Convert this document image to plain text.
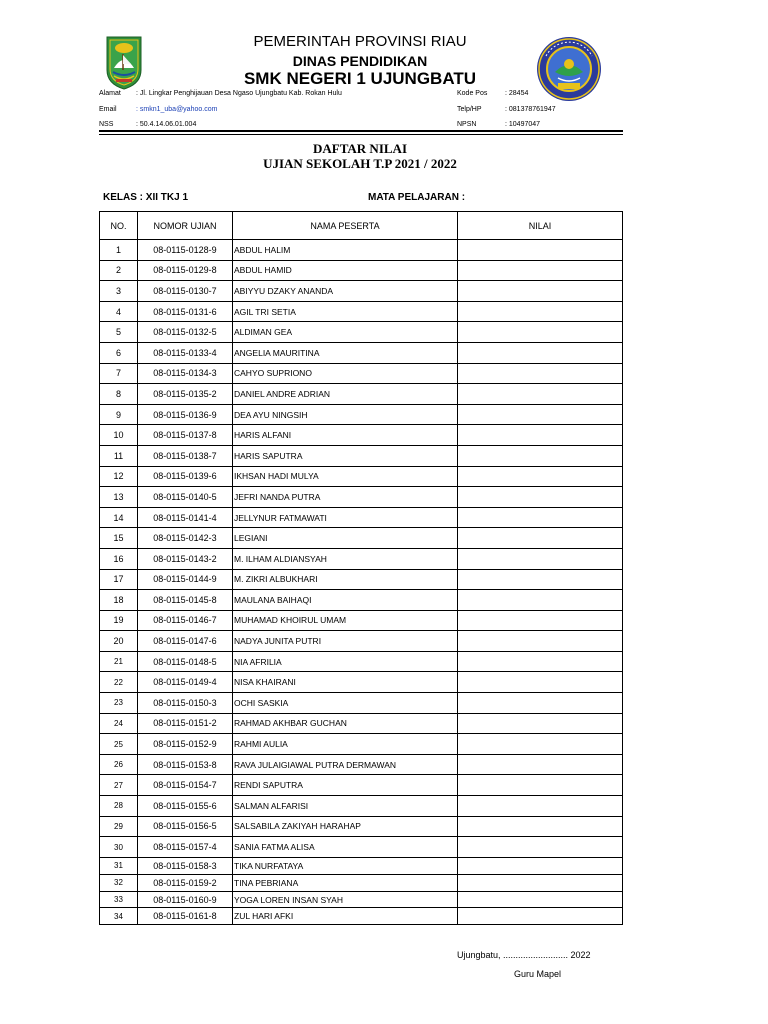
PEMERINTAH PROVINSI RIAU
DINAS PENDIDIKAN
SMK NEGERI 1 UJUNGBATU
Alamat : Jl. Lingkar Penghijauan Desa Ngaso Ujungbatu Kab. Rokan Hulu
Email	: smkn1_uba@yahoo.com
NSS	: 50.4.14.06.01.004
Kode Pos	: 28454
Telp/HP	: 081378761947
NPSN	: 10497047
DAFTAR NILAI
UJIAN SEKOLAH T.P 2021 / 2022
KELAS : XII TKJ 1	MATA PELAJARAN :
NO.	NOMOR UJIAN	NAMA PESERTA	NILAI
1	08-0115-0128-9	ABDUL HALIM	
2	08-0115-0129-8	ABDUL HAMID	
3	08-0115-0130-7	ABIYYU DZAKY ANANDA	
4	08-0115-0131-6	AGIL TRI SETIA	
5	08-0115-0132-5	ALDIMAN GEA	
6	08-0115-0133-4	ANGELIA MAURITINA	
7	08-0115-0134-3	CAHYO SUPRIONO	
8	08-0115-0135-2	DANIEL ANDRE ADRIAN	
9	08-0115-0136-9	DEA AYU NINGSIH	
10	08-0115-0137-8	HARIS ALFANI	
11	08-0115-0138-7	HARIS SAPUTRA	
12	08-0115-0139-6	IKHSAN HADI MULYA	
13	08-0115-0140-5	JEFRI NANDA PUTRA	
14	08-0115-0141-4	JELLYNUR FATMAWATI	
15	08-0115-0142-3	LEGIANI	
16	08-0115-0143-2	M. ILHAM ALDIANSYAH	
17	08-0115-0144-9	M. ZIKRI ALBUKHARI	
18	08-0115-0145-8	MAULANA BAIHAQI	
19	08-0115-0146-7	MUHAMAD KHOIRUL UMAM	
20	08-0115-0147-6	NADYA JUNITA PUTRI	
21	08-0115-0148-5	NIA AFRILIA	
22	08-0115-0149-4	NISA KHAIRANI	
23	08-0115-0150-3	OCHI SASKIA	
24	08-0115-0151-2	RAHMAD AKHBAR GUCHAN	
25	08-0115-0152-9	RAHMI AULIA	
26	08-0115-0153-8	RAVA JULAIGIAWAL PUTRA DERMAWAN	
27	08-0115-0154-7	RENDI SAPUTRA	
28	08-0115-0155-6	SALMAN ALFARISI	
29	08-0115-0156-5	SALSABILA ZAKIYAH HARAHAP	
30	08-0115-0157-4	SANIA FATMA ALISA	
31	08-0115-0158-3	TIKA NURFATAYA	
32	08-0115-0159-2	TINA PEBRIANA	
33	08-0115-0160-9	YOGA LOREN INSAN SYAH	
34	08-0115-0161-8	ZUL HARI AFKI	
Ujungbatu, .......................... 2022
Guru Mapel
